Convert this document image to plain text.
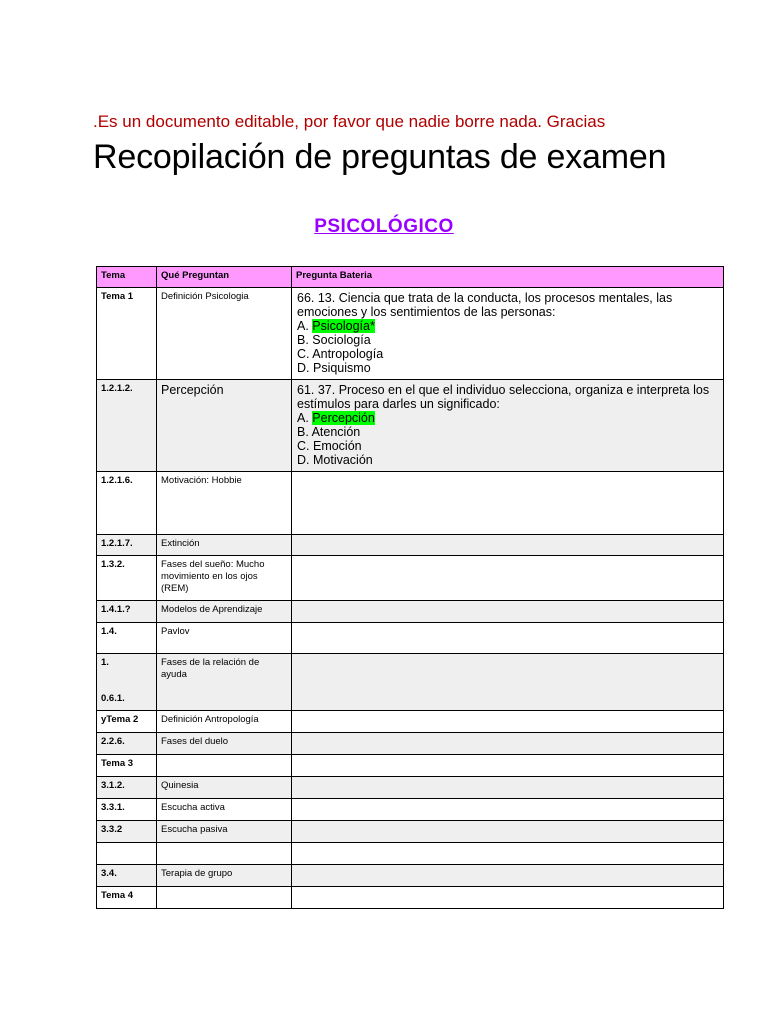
.Es un documento editable, por favor que nadie borre nada. Gracias
Recopilación de preguntas de examen
PSICOLÓGICO
Tema	Qué Preguntan	Pregunta Bateria
Tema 1	Definición Psicologia	66. 13. Ciencia que trata de la conducta, los procesos mentales, las emociones y los sentimientos de las personas:
A. Psicología*
B. Sociología
C. Antropología
D. Psiquismo

1.2.1.2.	Percepción	61. 37. Proceso en el que el individuo selecciona, organiza e interpreta los estímulos para darles un significado:
A. Percepción
B. Atención
C. Emoción
D. Motivación

1.2.1.6.	Motivación: Hobbie	
1.2.1.7.	Extinción	
1.3.2.	Fases del sueño: Mucho movimiento en los ojos (REM)	
1.4.1.?	Modelos de Aprendizaje	
1.4.	Pavlov	

1.
0.6.1.	Fases de la relación de ayuda	
yTema 2	Definición Antropología	
2.2.6.	Fases del duelo	
Tema 3		
3.1.2.	Quinesia	
3.3.1.	Escucha activa	
3.3.2	Escucha pasiva	

3.4.	Terapia de grupo	
Tema 4		
